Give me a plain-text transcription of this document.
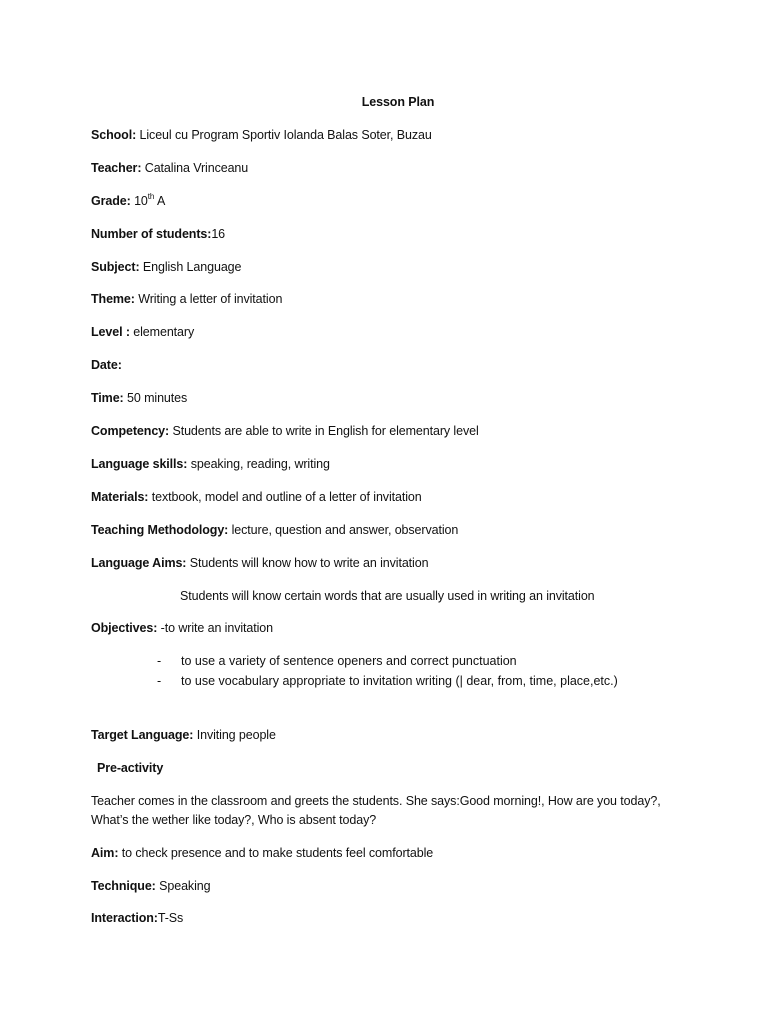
Lesson Plan
School: Liceul cu Program Sportiv Iolanda Balas Soter, Buzau
Teacher: Catalina Vrinceanu
Grade: 10th A
Number of students:16
Subject: English Language
Theme: Writing a letter of invitation
Level : elementary
Date:
Time: 50 minutes
Competency: Students are able to write in English for elementary level
Language skills: speaking, reading, writing
Materials: textbook, model and outline of a letter of invitation
Teaching Methodology: lecture, question and answer, observation
Language Aims: Students will know how to write an invitation
Students will know certain words that are usually used in writing an invitation
Objectives: -to write an invitation
- to use a variety of sentence openers and correct punctuation
- to use vocabulary appropriate to invitation writing (| dear, from, time, place,etc.)
Target Language: Inviting people
Pre-activity
Teacher comes in the classroom and greets the students. She says:Good morning!, How are you today?,
What’s the wether like today?, Who is absent today?
Aim: to check presence and to make students feel comfortable
Technique: Speaking
Interaction:T-Ss
